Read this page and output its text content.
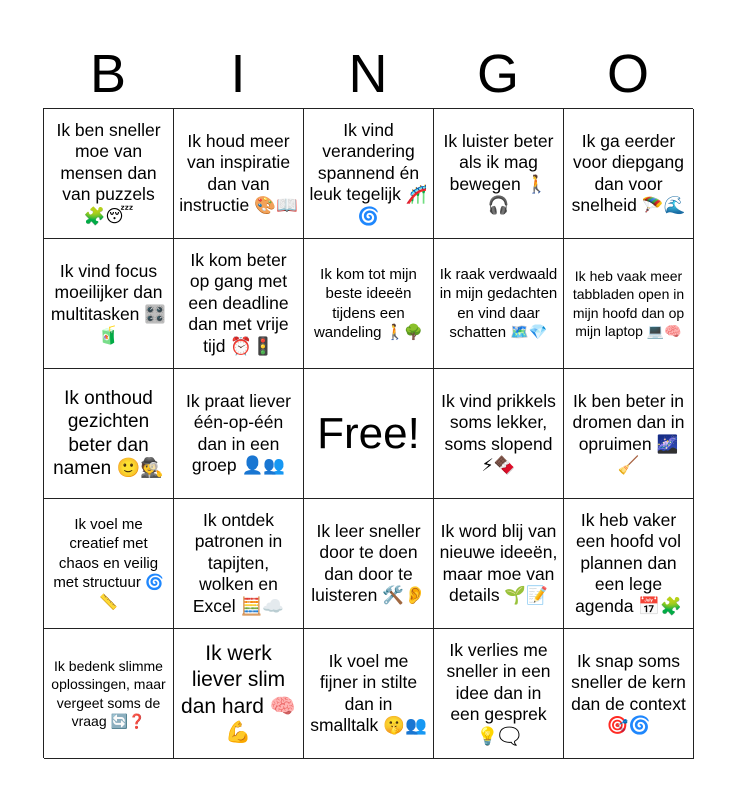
B	I	N	G	O
Ik ben sneller moe van mensen dan van puzzels 🧩😴
Ik houd meer van inspiratie dan van instructie 🎨📖
Ik vind verandering spannend én leuk tegelijk 🎢🌀
Ik luister beter als ik mag bewegen 🚶🎧
Ik ga eerder voor diepgang dan voor snelheid 🪂🌊
Ik vind focus moeilijker dan multitasken 🎛️🧃
Ik kom beter op gang met een deadline dan met vrije tijd ⏰🚦
Ik kom tot mijn beste ideeën tijdens een wandeling 🚶🌳
Ik raak verdwaald in mijn gedachten en vind daar schatten 🗺️💎
Ik heb vaak meer tabbladen open in mijn hoofd dan op mijn laptop 💻🧠
Ik onthoud gezichten beter dan namen 🙂🕵️
Ik praat liever één-op-één dan in een groep 👤👥
Free!
Ik vind prikkels soms lekker, soms slopend ⚡🍫
Ik ben beter in dromen dan in opruimen 🌌🧹
Ik voel me creatief met chaos en veilig met structuur 🌀📏
Ik ontdek patronen in tapijten, wolken en Excel 🧮☁️
Ik leer sneller door te doen dan door te luisteren 🛠️👂
Ik word blij van nieuwe ideeën, maar moe van details 🌱📝
Ik heb vaker een hoofd vol plannen dan een lege agenda 📅🧩
Ik bedenk slimme oplossingen, maar vergeet soms de vraag 🔄❓
Ik werk liever slim dan hard 🧠💪
Ik voel me fijner in stilte dan in smalltalk 🤫👥
Ik verlies me sneller in een idee dan in een gesprek 💡🗨️
Ik snap soms sneller de kern dan de context 🎯🌀
